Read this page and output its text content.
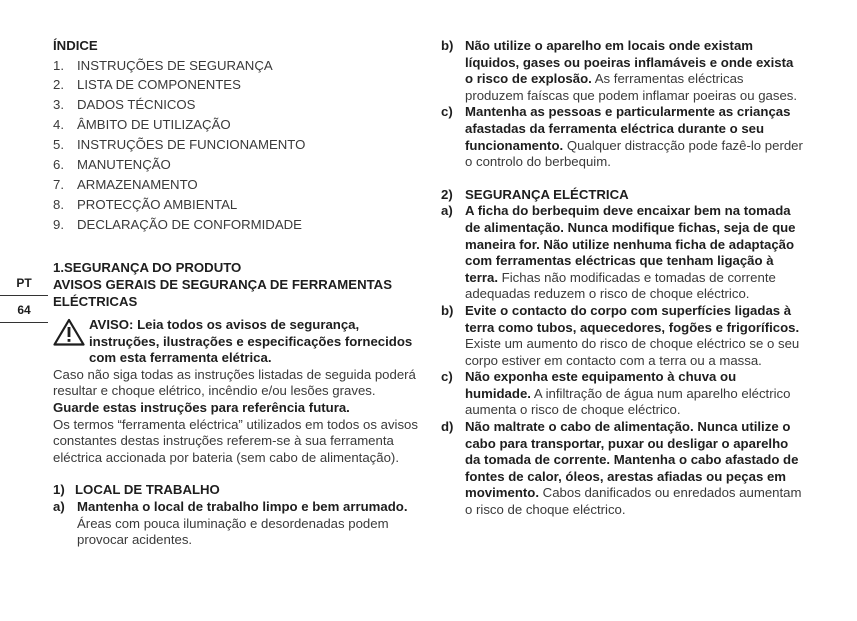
PT
64
ÍNDICE
1. INSTRUÇÕES DE SEGURANÇA
2. LISTA DE COMPONENTES
3. DADOS TÉCNICOS
4. ÂMBITO DE UTILIZAÇÃO
5. INSTRUÇÕES DE FUNCIONAMENTO
6. MANUTENÇÃO
7. ARMAZENAMENTO
8. PROTECÇÃO AMBIENTAL
9. DECLARAÇÃO DE CONFORMIDADE
1.SEGURANÇA DO PRODUTO
AVISOS GERAIS DE SEGURANÇA DE FERRAMENTAS ELÉCTRICAS
AVISO: Leia todos os avisos de segurança, instruções, ilustrações e especificações fornecidos com esta ferramenta elétrica.
Caso não siga todas as instruções listadas de seguida poderá resultar e choque elétrico, incêndio e/ou lesões graves.
Guarde estas instruções para referência futura.
Os termos “ferramenta eléctrica” utilizados em todos os avisos constantes destas instruções referem-se à sua ferramenta eléctrica accionada por bateria (sem cabo de alimentação).
1) LOCAL DE TRABALHO
a) Mantenha o local de trabalho limpo e bem arrumado. Áreas com pouca iluminação e desordenadas podem provocar acidentes.
b) Não utilize o aparelho em locais onde existam líquidos, gases ou poeiras inflamáveis e onde exista o risco de explosão. As ferramentas eléctricas produzem faíscas que podem inflamar poeiras ou gases.
c) Mantenha as pessoas e particularmente as crianças afastadas da ferramenta eléctrica durante o seu funcionamento. Qualquer distracção pode fazê-lo perder o controlo do berbequim.
2) SEGURANÇA ELÉCTRICA
a) A ficha do berbequim deve encaixar bem na tomada de alimentação. Nunca modifique fichas, seja de que maneira for. Não utilize nenhuma ficha de adaptação com ferramentas eléctricas que tenham ligação à terra. Fichas não modificadas e tomadas de corrente adequadas reduzem o risco de choque eléctrico.
b) Evite o contacto do corpo com superfícies ligadas à terra como tubos, aquecedores, fogões e frigoríficos. Existe um aumento do risco de choque eléctrico se o seu corpo estiver em contacto com a terra ou a massa.
c) Não exponha este equipamento à chuva ou humidade. A infiltração de água num aparelho eléctrico aumenta o risco de choque eléctrico.
d) Não maltrate o cabo de alimentação. Nunca utilize o cabo para transportar, puxar ou desligar o aparelho da tomada de corrente. Mantenha o cabo afastado de fontes de calor, óleos, arestas afiadas ou peças em movimento. Cabos danificados ou enredados aumentam o risco de choque eléctrico.
